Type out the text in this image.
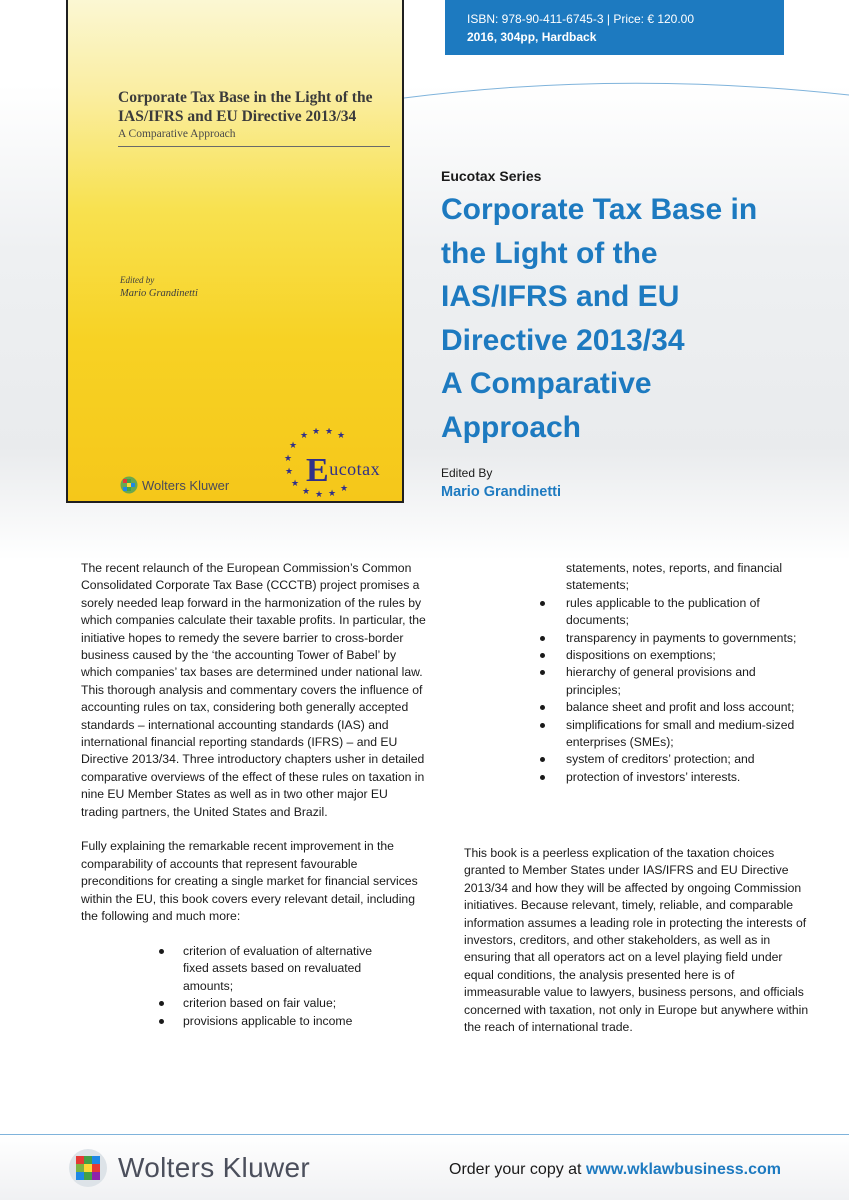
ISBN: 978-90-411-6745-3 | Price: € 120.00
2016, 304pp, Hardback
Corporate Tax Base in the Light of the IAS/IFRS and EU Directive 2013/34
A Comparative Approach
Edited by
Mario Grandinetti
★ ★ ★ ★
★
★
★
★
★ ★ ★ ★
Eucotax
Wolters Kluwer
Eucotax Series
Corporate Tax Base in
the Light of the
IAS/IFRS and EU
Directive 2013/34
A Comparative
Approach
Edited By
Mario Grandinetti

The recent relaunch of the European Commission’s Common Consolidated Corporate Tax Base (CCCTB) project promises a sorely needed leap forward in the harmonization of the rules by which companies calculate their taxable profits. In particular, the initiative hopes to remedy the severe barrier to cross-border business caused by the ‘the accounting Tower of Babel’ by which companies’ tax bases are determined under national law. This thorough analysis and commentary covers the influence of accounting rules on tax, considering both generally accepted standards – international accounting standards (IAS) and international financial reporting standards (IFRS) – and EU Directive 2013/34. Three introductory chapters usher in detailed comparative overviews of the effect of these rules on taxation in nine EU Member States as well as in two other major EU trading partners, the United States and Brazil.

Fully explaining the remarkable recent improvement in the comparability of accounts that represent favourable preconditions for creating a single market for financial services within the EU, this book covers every relevant detail, including the following and much more:

criterion of evaluation of alternative fixed assets based on revaluated amounts;
criterion based on fair value;
provisions applicable to income
statements, notes, reports, and financial statements;
rules applicable to the publication of documents;
transparency in payments to governments;
dispositions on exemptions;
hierarchy of general provisions and principles;
balance sheet and profit and loss account;
simplifications for small and medium-sized enterprises (SMEs);
system of creditors’ protection; and
protection of investors’ interests.

This book is a peerless explication of the taxation choices granted to Member States under IAS/IFRS and EU Directive 2013/34 and how they will be affected by ongoing Commission initiatives. Because relevant, timely, reliable, and comparable information assumes a leading role in protecting the interests of investors, creditors, and other stakeholders, as well as in ensuring that all operators act on a level playing field under equal conditions, the analysis presented here is of immeasurable value to lawyers, business persons, and officials concerned with taxation, not only in Europe but anywhere within the reach of international trade.

Wolters Kluwer	Order your copy at www.wklawbusiness.com
